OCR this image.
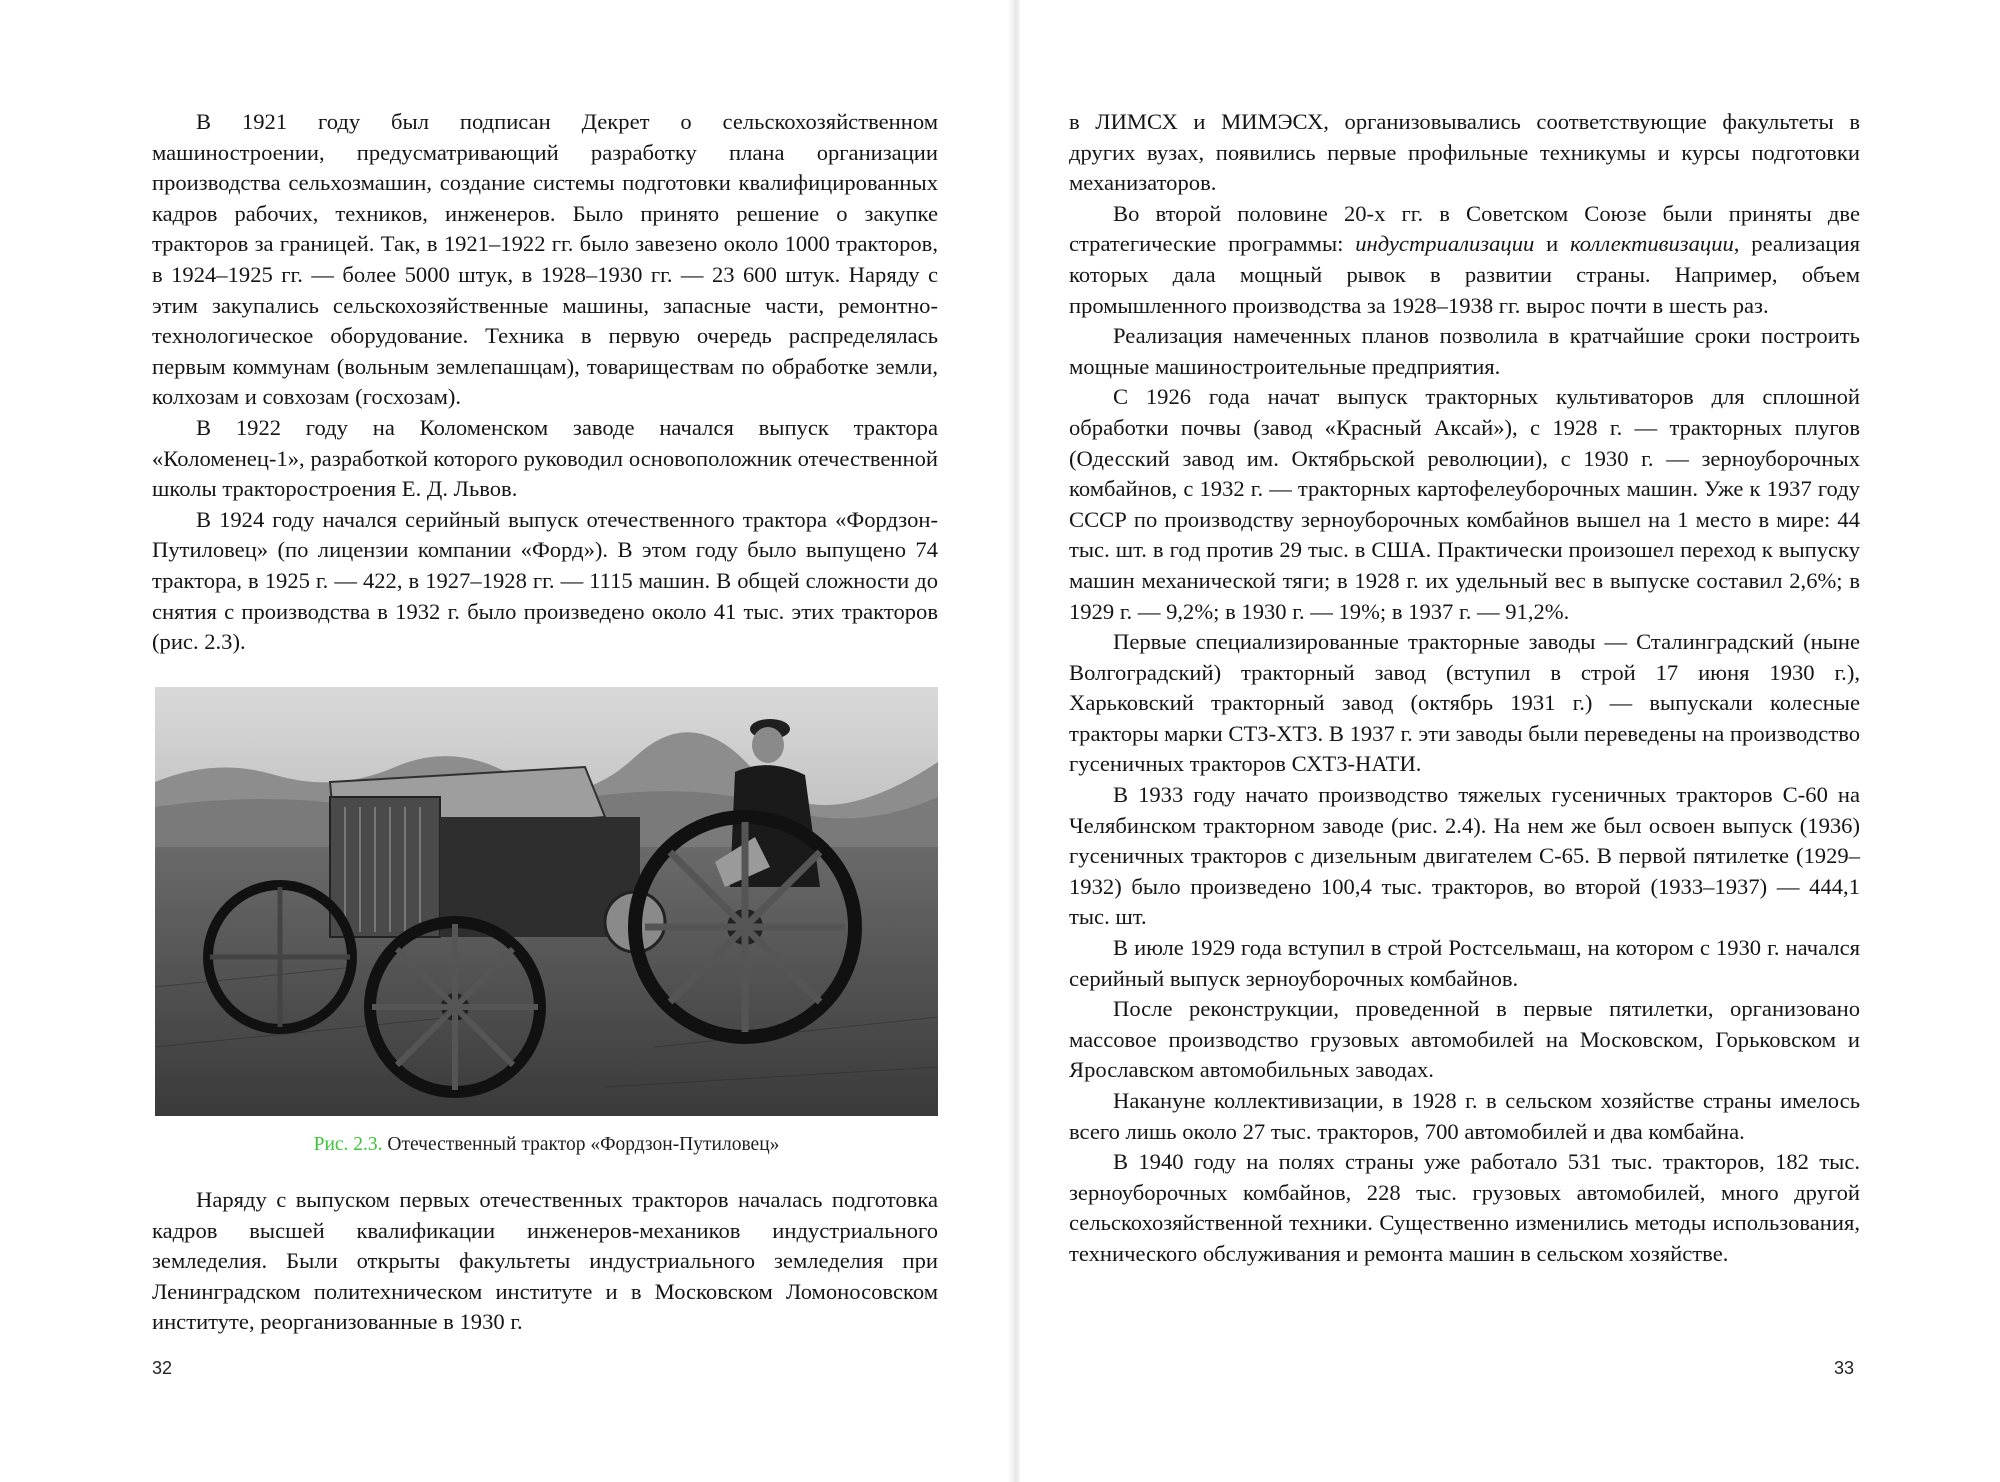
В 1921 году был подписан Декрет о сельскохозяйственном машиностроении, предусматривающий разработку плана организации производства сельхозмашин, создание системы подготовки квалифицированных кадров рабочих, техников, инженеров. Было принято решение о закупке тракторов за границей. Так, в 1921–1922 гг. было завезено около 1000 тракторов, в 1924–1925 гг. — более 5000 штук, в 1928–1930 гг. — 23 600 штук. Наряду с этим закупались сельскохозяйственные машины, запасные части, ремонтно-технологическое оборудование. Техника в первую очередь распределялась первым коммунам (вольным землепашцам), товариществам по обработке земли, колхозам и совхозам (госхозам).

В 1922 году на Коломенском заводе начался выпуск трактора «Коломенец-1», разработкой которого руководил основоположник отечественной школы тракторостроения Е. Д. Львов.

В 1924 году начался серийный выпуск отечественного трактора «Фордзон-Путиловец» (по лицензии компании «Форд»). В этом году было выпущено 74 трактора, в 1925 г. — 422, в 1927–1928 гг. — 1115 машин. В общей сложности до снятия с производства в 1932 г. было произведено около 41 тыс. этих тракторов (рис. 2.3).

Рис. 2.3. Отечественный трактор «Фордзон-Путиловец»

Наряду с выпуском первых отечественных тракторов началась подготовка кадров высшей квалификации инженеров-механиков индустриального земледелия. Были открыты факультеты индустриального земледелия при Ленинградском политехническом институте и в Московском Ломоносовском институте, реорганизованные в 1930 г.

32

в ЛИМСХ и МИМЭСХ, организовывались соответствующие факультеты в других вузах, появились первые профильные техникумы и курсы подготовки механизаторов.

Во второй половине 20-х гг. в Советском Союзе были приняты две стратегические программы: индустриализации и коллективизации, реализация которых дала мощный рывок в развитии страны. Например, объем промышленного производства за 1928–1938 гг. вырос почти в шесть раз.

Реализация намеченных планов позволила в кратчайшие сроки построить мощные машиностроительные предприятия.

С 1926 года начат выпуск тракторных культиваторов для сплошной обработки почвы (завод «Красный Аксай»), с 1928 г. — тракторных плугов (Одесский завод им. Октябрьской революции), с 1930 г. — зерноуборочных комбайнов, с 1932 г. — тракторных картофелеуборочных машин. Уже к 1937 году СССР по производству зерноуборочных комбайнов вышел на 1 место в мире: 44 тыс. шт. в год против 29 тыс. в США. Практически произошел переход к выпуску машин механической тяги; в 1928 г. их удельный вес в выпуске составил 2,6%; в 1929 г. — 9,2%; в 1930 г. — 19%; в 1937 г. — 91,2%.

Первые специализированные тракторные заводы — Сталинградский (ныне Волгоградский) тракторный завод (вступил в строй 17 июня 1930 г.), Харьковский тракторный завод (октябрь 1931 г.) — выпускали колесные тракторы марки СТЗ-ХТЗ. В 1937 г. эти заводы были переведены на производство гусеничных тракторов СХТЗ-НАТИ.

В 1933 году начато производство тяжелых гусеничных тракторов С-60 на Челябинском тракторном заводе (рис. 2.4). На нем же был освоен выпуск (1936) гусеничных тракторов с дизельным двигателем С-65. В первой пятилетке (1929–1932) было произведено 100,4 тыс. тракторов, во второй (1933–1937) — 444,1 тыс. шт.

В июле 1929 года вступил в строй Ростсельмаш, на котором с 1930 г. начался серийный выпуск зерноуборочных комбайнов.

После реконструкции, проведенной в первые пятилетки, организовано массовое производство грузовых автомобилей на Московском, Горьковском и Ярославском автомобильных заводах.

Накануне коллективизации, в 1928 г. в сельском хозяйстве страны имелось всего лишь около 27 тыс. тракторов, 700 автомобилей и два комбайна.

В 1940 году на полях страны уже работало 531 тыс. тракторов, 182 тыс. зерноуборочных комбайнов, 228 тыс. грузовых автомобилей, много другой сельскохозяйственной техники. Существенно изменились методы использования, технического обслуживания и ремонта машин в сельском хозяйстве.

33
